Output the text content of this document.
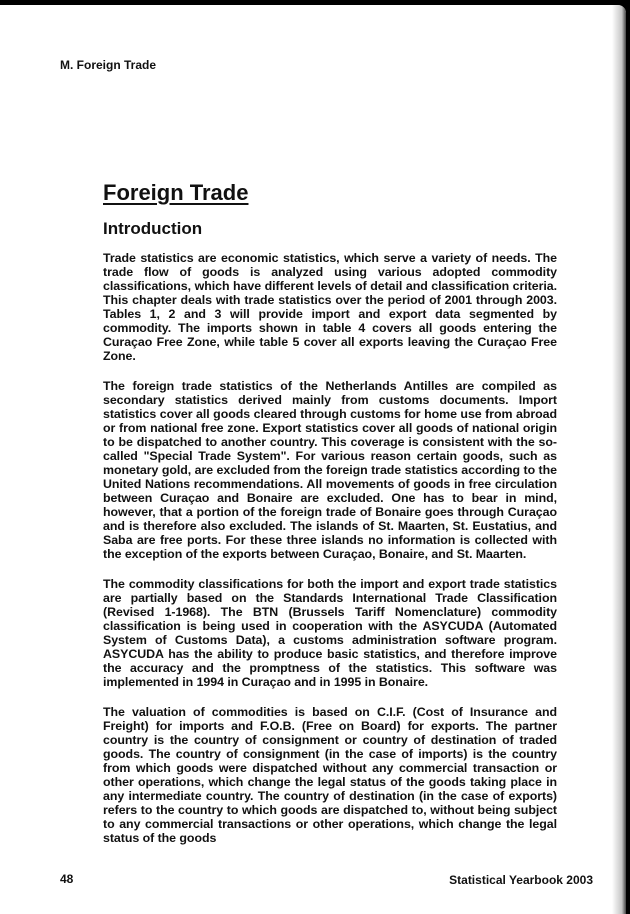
M. Foreign Trade
Foreign Trade
Introduction

Trade statistics are economic statistics, which serve a variety of needs. The trade flow of goods is analyzed using various adopted commodity classifications, which have different levels of detail and classification criteria. This chapter deals with trade statistics over the period of 2001 through 2003. Tables 1, 2 and 3 will provide import and export data segmented by commodity. The imports shown in table 4 covers all goods entering the Curaçao Free Zone, while table 5 cover all exports leaving the Curaçao Free Zone.

The foreign trade statistics of the Netherlands Antilles are compiled as secondary statistics derived mainly from customs documents. Import statistics cover all goods cleared through customs for home use from abroad or from national free zone. Export statistics cover all goods of national origin to be dispatched to another country. This coverage is consistent with the so-called "Special Trade System". For various reason certain goods, such as monetary gold, are excluded from the foreign trade statistics according to the United Nations recommendations. All movements of goods in free circulation between Curaçao and Bonaire are excluded. One has to bear in mind, however, that a portion of the foreign trade of Bonaire goes through Curaçao and is therefore also excluded. The islands of St. Maarten, St. Eustatius, and Saba are free ports. For these three islands no information is collected with the exception of the exports between Curaçao, Bonaire, and St. Maarten.

The commodity classifications for both the import and export trade statistics are partially based on the Standards International Trade Classification (Revised 1-1968). The BTN (Brussels Tariff Nomenclature) commodity classification is being used in cooperation with the ASYCUDA (Automated System of Customs Data), a customs administration software program. ASYCUDA has the ability to produce basic statistics, and therefore improve the accuracy and the promptness of the statistics. This software was implemented in 1994 in Curaçao and in 1995 in Bonaire.

The valuation of commodities is based on C.I.F. (Cost of Insurance and Freight) for imports and F.O.B. (Free on Board) for exports. The partner country is the country of consignment or country of destination of traded goods. The country of consignment (in the case of imports) is the country from which goods were dispatched without any commercial transaction or other operations, which change the legal status of the goods taking place in any intermediate country. The country of destination (in the case of exports) refers to the country to which goods are dispatched to, without being subject to any commercial transactions or other operations, which change the legal status of the goods

48	Statistical Yearbook 2003
